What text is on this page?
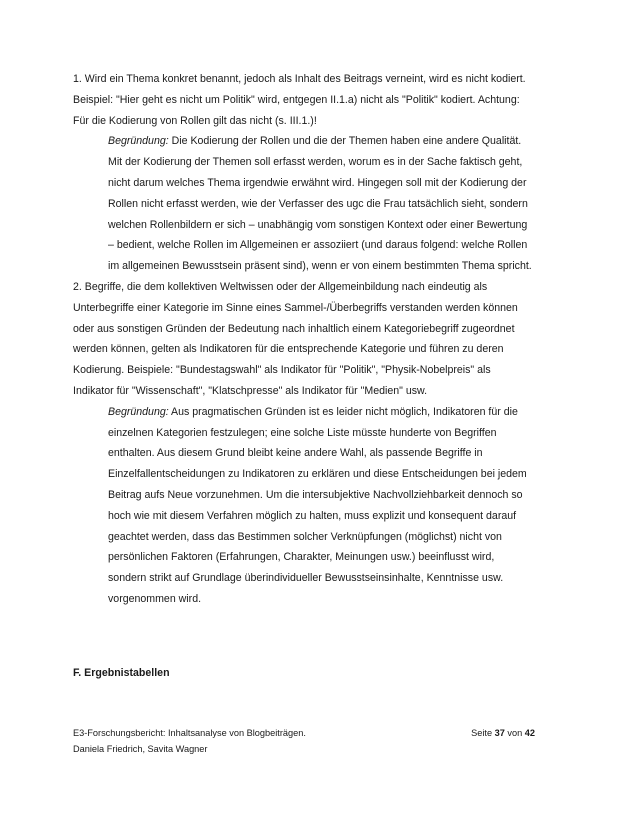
1. Wird ein Thema konkret benannt, jedoch als Inhalt des Beitrags verneint, wird es nicht kodiert.

Beispiel: "Hier geht es nicht um Politik" wird, entgegen II.1.a) nicht als "Politik" kodiert. Achtung:

Für die Kodierung von Rollen gilt das nicht (s. III.1.)!

Begründung: Die Kodierung der Rollen und die der Themen haben eine andere Qualität.

Mit der Kodierung der Themen soll erfasst werden, worum es in der Sache faktisch geht,

nicht darum welches Thema irgendwie erwähnt wird. Hingegen soll mit der Kodierung der

Rollen nicht erfasst werden, wie der Verfasser des ugc die Frau tatsächlich sieht, sondern

welchen Rollenbildern er sich – unabhängig vom sonstigen Kontext oder einer Bewertung

– bedient, welche Rollen im Allgemeinen er assoziiert (und daraus folgend: welche Rollen

im allgemeinen Bewusstsein präsent sind), wenn er von einem bestimmten Thema spricht.

2. Begriffe, die dem kollektiven Weltwissen oder der Allgemeinbildung nach eindeutig als

Unterbegriffe einer Kategorie im Sinne eines Sammel-/Überbegriffs verstanden werden können

oder aus sonstigen Gründen der Bedeutung nach inhaltlich einem Kategoriebegriff zugeordnet

werden können, gelten als Indikatoren für die entsprechende Kategorie und führen zu deren

Kodierung. Beispiele: "Bundestagswahl" als Indikator für "Politik", "Physik-Nobelpreis" als

Indikator für "Wissenschaft", "Klatschpresse" als Indikator für "Medien" usw.

Begründung: Aus pragmatischen Gründen ist es leider nicht möglich, Indikatoren für die

einzelnen Kategorien festzulegen; eine solche Liste müsste hunderte von Begriffen

enthalten. Aus diesem Grund bleibt keine andere Wahl, als passende Begriffe in

Einzelfallentscheidungen zu Indikatoren zu erklären und diese Entscheidungen bei jedem

Beitrag aufs Neue vorzunehmen. Um die intersubjektive Nachvollziehbarkeit dennoch so

hoch wie mit diesem Verfahren möglich zu halten, muss explizit und konsequent darauf

geachtet werden, dass das Bestimmen solcher Verknüpfungen (möglichst) nicht von

persönlichen Faktoren (Erfahrungen, Charakter, Meinungen usw.) beeinflusst wird,

sondern strikt auf Grundlage überindividueller Bewusstseinsinhalte, Kenntnisse usw.

vorgenommen wird.

F. Ergebnistabellen
E3-Forschungsbericht: Inhaltsanalyse von Blogbeiträgen.	Seite 37 von 42
Daniela Friedrich, Savita Wagner
